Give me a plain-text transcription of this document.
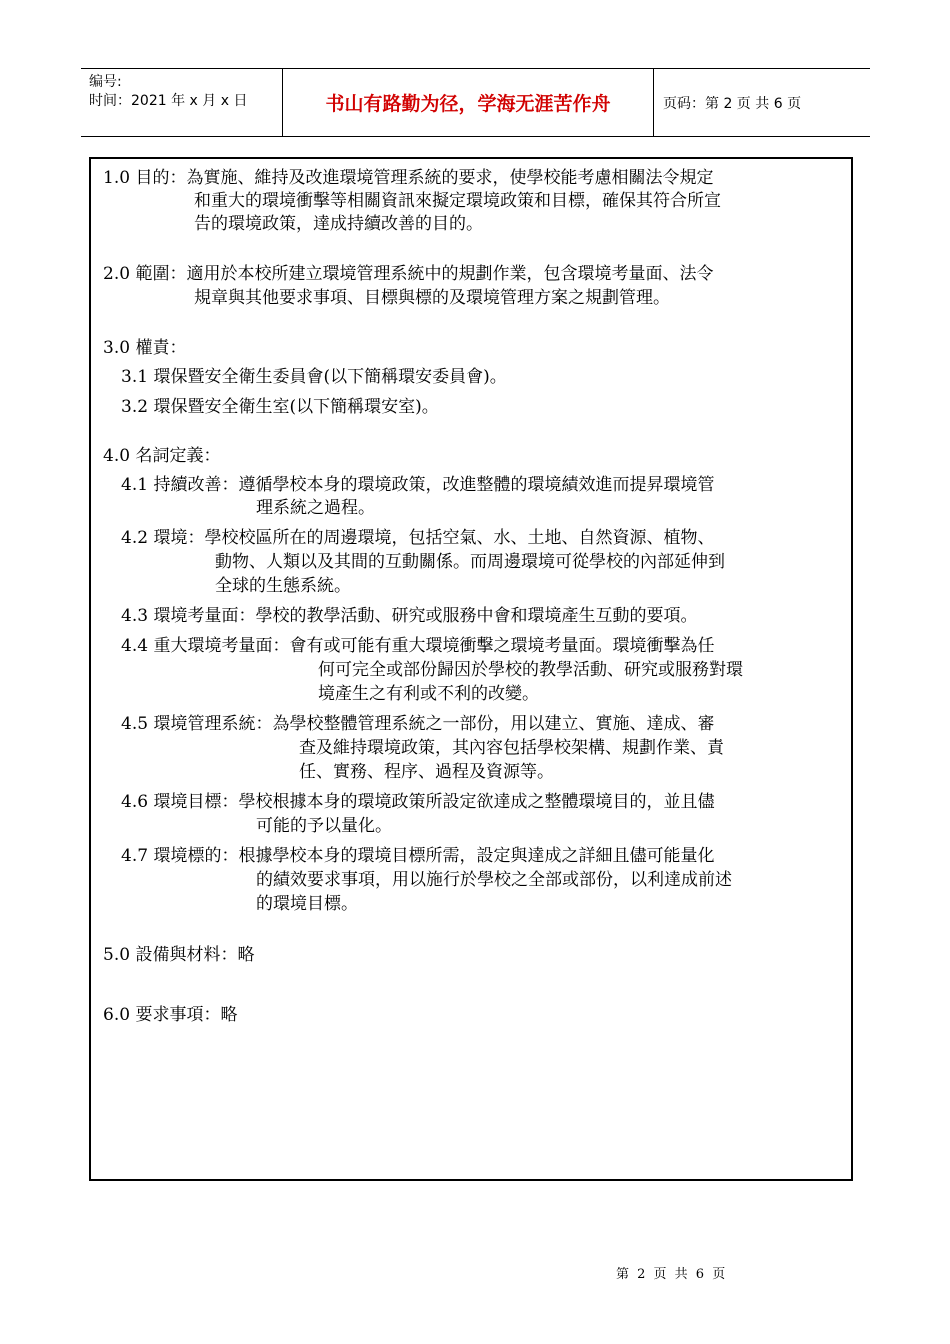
编号:
时间：2021 年 x 月 x 日	书山有路勤为径，学海无涯苦作舟	页码：第 2 页 共 6 页
1.0 目的：為實施、維持及改進環境管理系統的要求，使學校能考慮相關法令規定
和重大的環境衝擊等相關資訊來擬定環境政策和目標，確保其符合所宣
告的環境政策，達成持續改善的目的。
2.0 範圍：適用於本校所建立環境管理系統中的規劃作業，包含環境考量面、法令
規章與其他要求事項、目標與標的及環境管理方案之規劃管理。
3.0 權責：
3.1 環保暨安全衛生委員會(以下簡稱環安委員會)。
3.2 環保暨安全衛生室(以下簡稱環安室)。
4.0 名詞定義：
4.1 持續改善：遵循學校本身的環境政策，改進整體的環境績效進而提昇環境管
理系統之過程。
4.2 環境：學校校區所在的周邊環境，包括空氣、水、土地、自然資源、植物、
動物、人類以及其間的互動關係。而周邊環境可從學校的內部延伸到
全球的生態系統。
4.3 環境考量面：學校的教學活動、研究或服務中會和環境產生互動的要項。
4.4 重大環境考量面：會有或可能有重大環境衝擊之環境考量面。環境衝擊為任
何可完全或部份歸因於學校的教學活動、研究或服務對環
境產生之有利或不利的改變。
4.5 環境管理系統：為學校整體管理系統之一部份，用以建立、實施、達成、審
查及維持環境政策，其內容包括學校架構、規劃作業、責
任、實務、程序、過程及資源等。
4.6 環境目標：學校根據本身的環境政策所設定欲達成之整體環境目的，並且儘
可能的予以量化。
4.7 環境標的：根據學校本身的環境目標所需，設定與達成之詳細且儘可能量化
的績效要求事項，用以施行於學校之全部或部份，以利達成前述
的環境目標。
5.0 設備與材料：略
6.0 要求事項：略
第 2 页 共 6 页
